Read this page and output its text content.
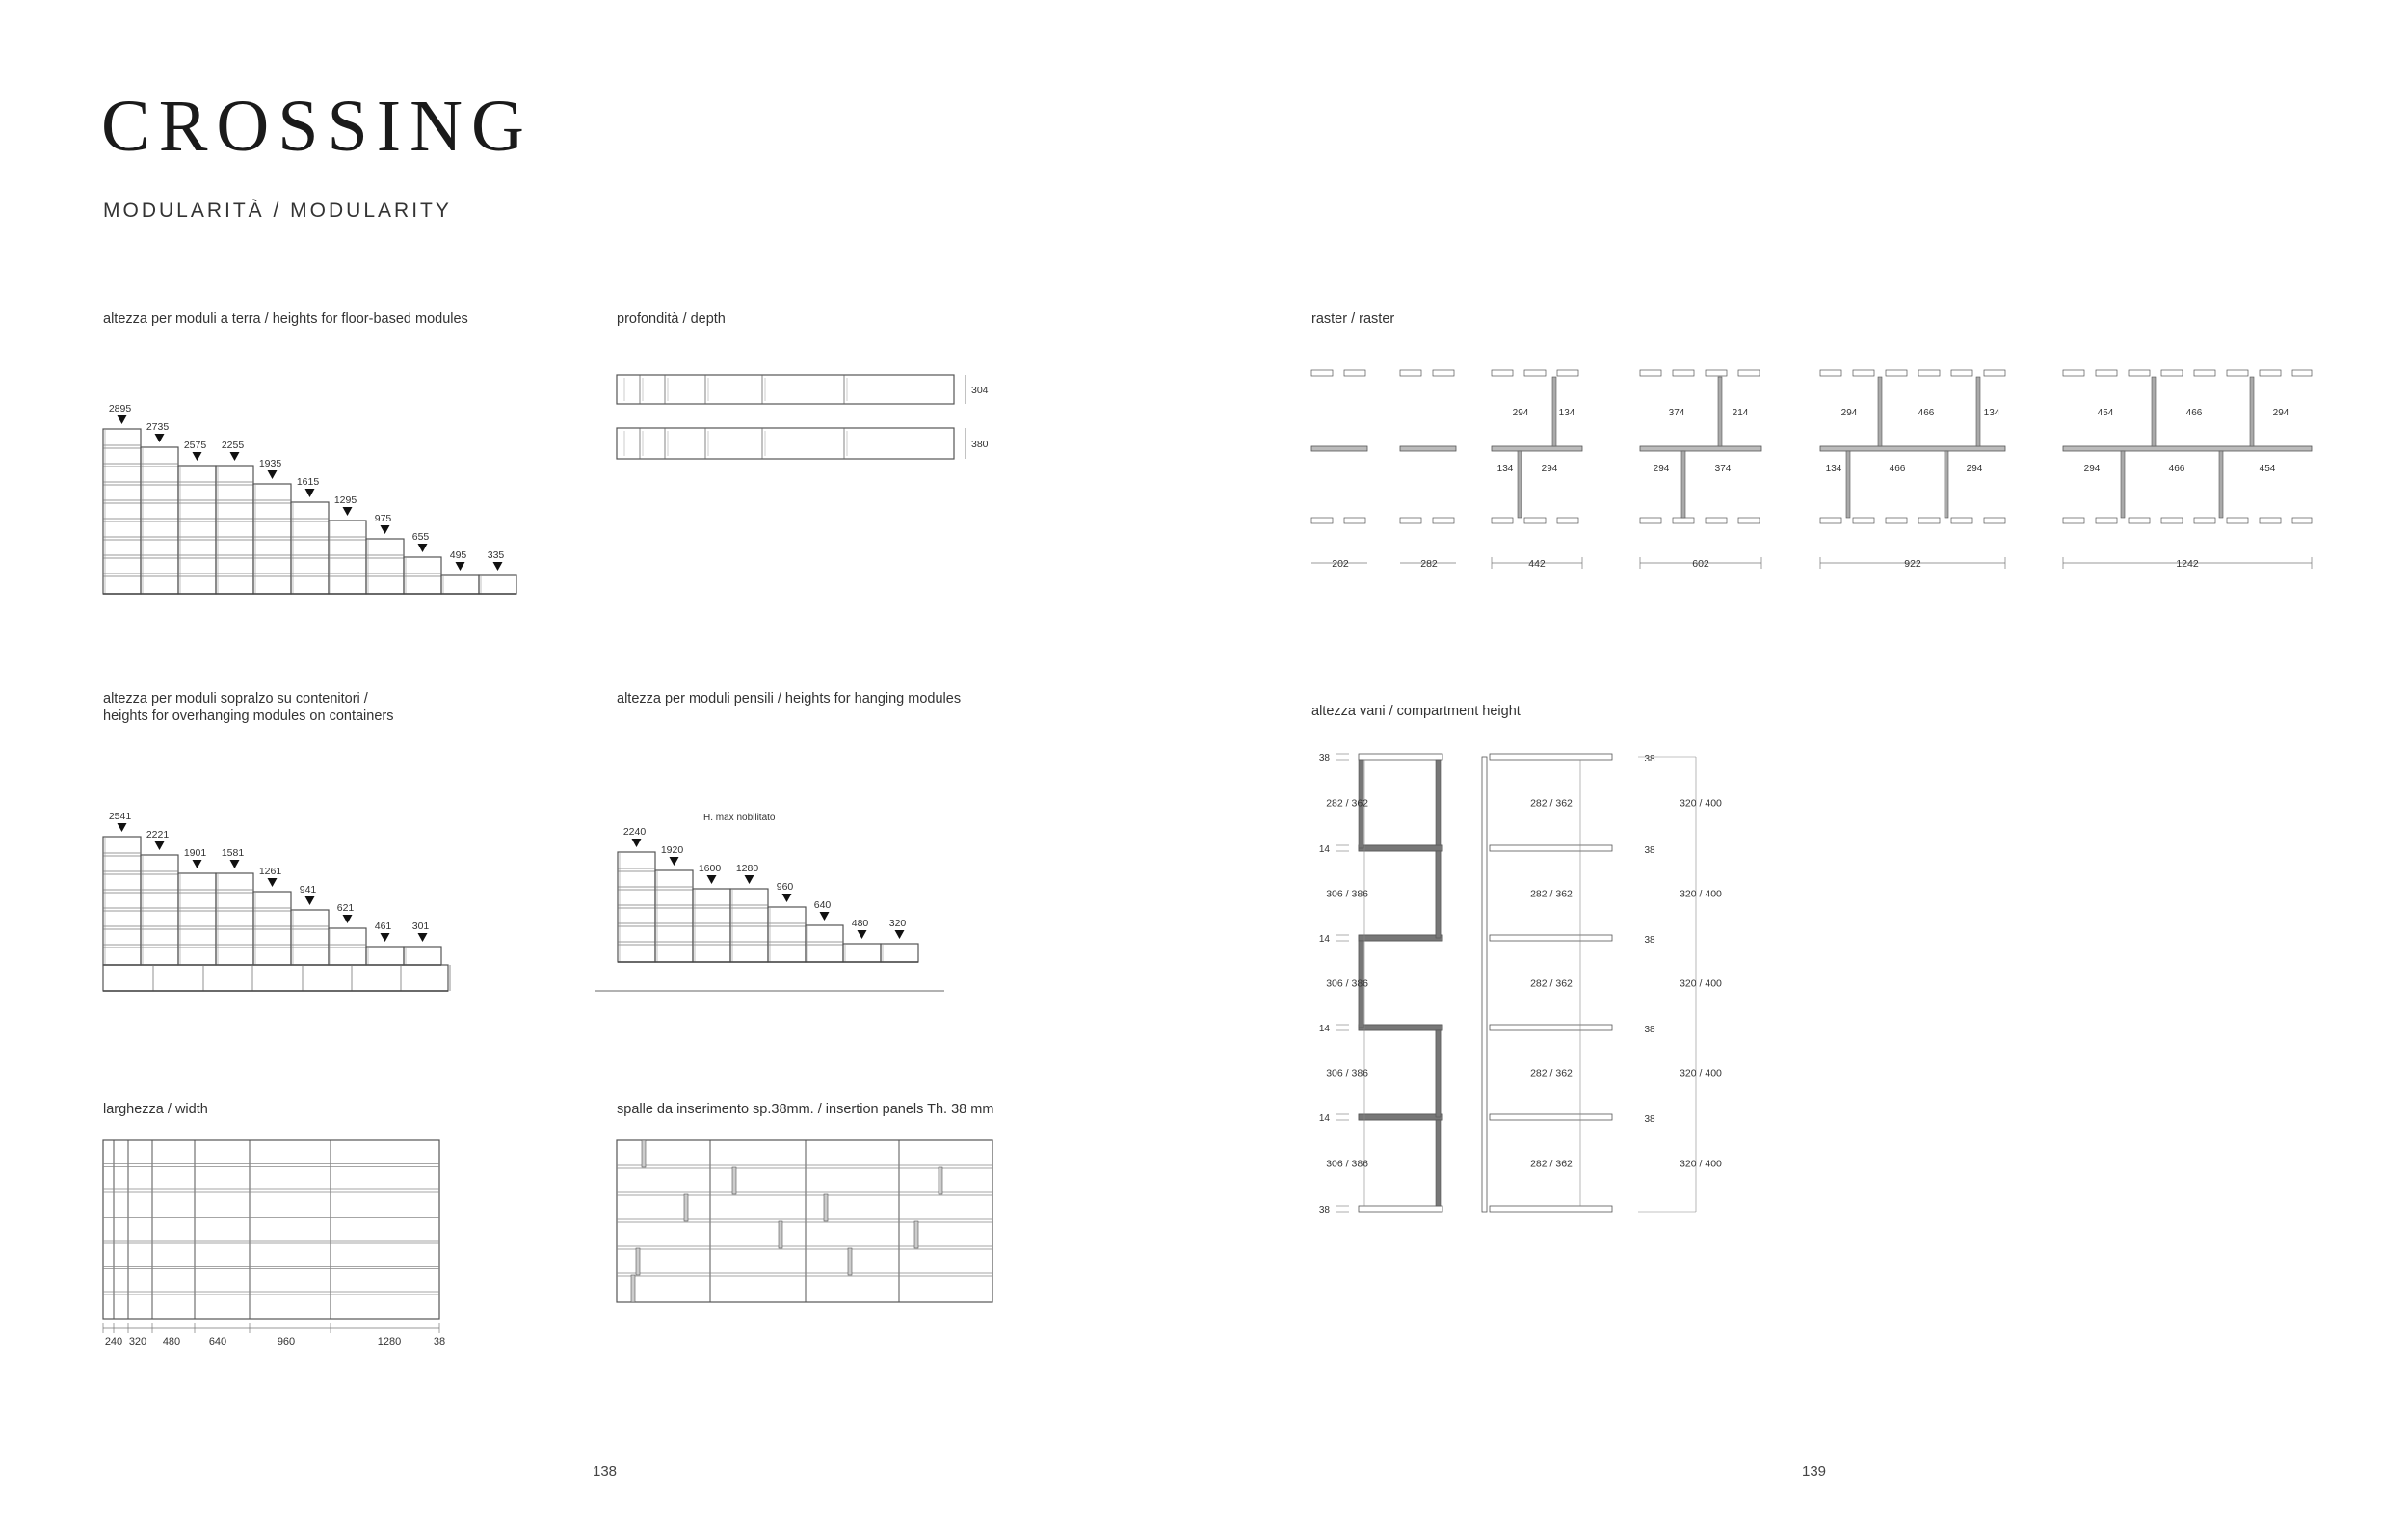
CROSSING
MODULARITÀ / MODULARITY
altezza per moduli a terra / heights for floor-based modules	profondità / depth	raster / raster
altezza per moduli sopralzo su contenitori /
heights for overhanging modules on containers
altezza per moduli pensili / heights for hanging modules
altezza vani / compartment height
larghezza / width	spalle da inserimento sp.38mm. / insertion panels Th. 38 mm
138	139
2895
2735
2575 2255
1935
1615
1295
975
655
495 335
2541
2221
1901 1581
1261
941
621
461 301
2240
1920
1600 1280
960
640
480 320
H. max nobilitato
304
380
202	282
294	134
134	294
442
374	214
294	374
602
294	466	134
134	466	294
922
454	466	294
294	466	454
1242
38
14
14
14
14
38
282 / 362
306 / 386
306 / 386
306 / 386
306 / 386
282 / 362
282 / 362
282 / 362
282 / 362
282 / 362
320 / 400
320 / 400
320 / 400
320 / 400
320 / 400
38
38
38
38
38
240 320 480	640	960	1280	38
